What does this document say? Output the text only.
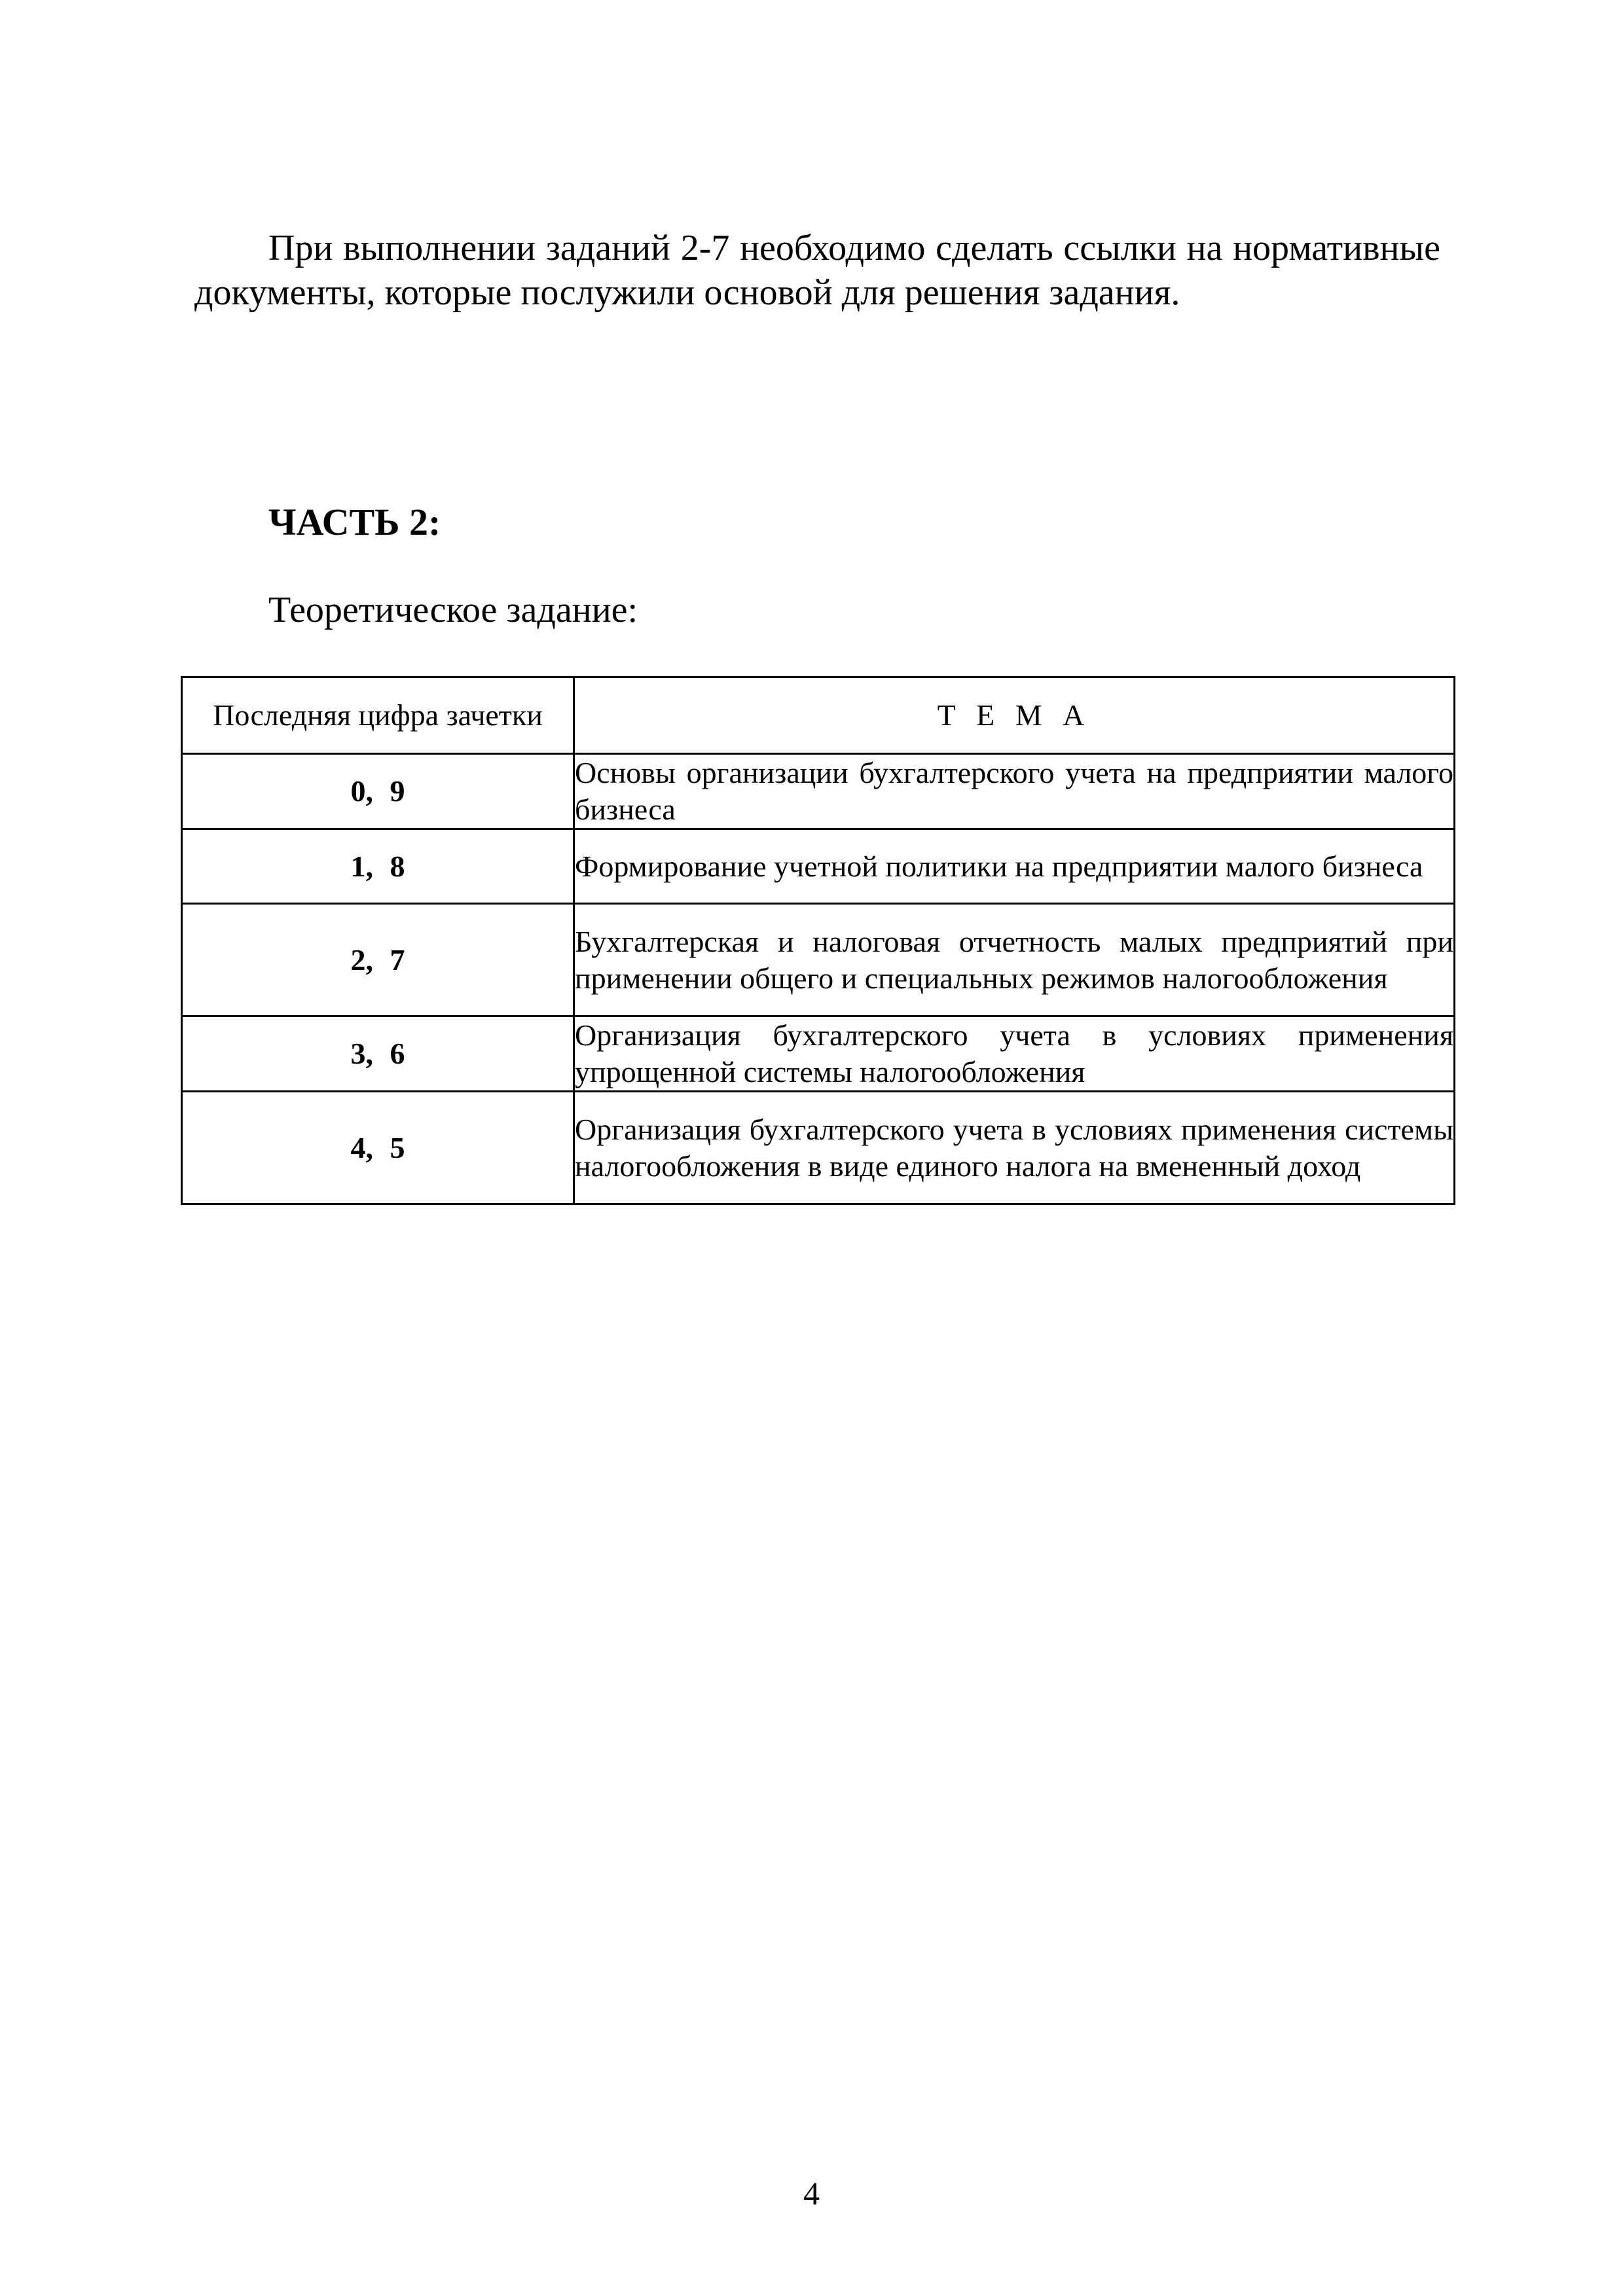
При выполнении заданий 2-7 необходимо сделать ссылки на нормативные документы, которые послужили основой для решения задания.

ЧАСТЬ 2:

Теоретическое задание:

Последняя цифра зачетки	Т Е М А
0, 9	Основы организации бухгалтерского учета на предприятии малого бизнеса
1, 8	Формирование учетной политики на предприятии малого бизнеса
2, 7	Бухгалтерская и налоговая отчетность малых предприятий при применении общего и специальных режимов налогообложения
3, 6	Организация бухгалтерского учета в условиях применения упрощенной системы налогообложения
4, 5	Организация бухгалтерского учета в условиях применения системы налогообложения в виде единого налога на вмененный доход

4
